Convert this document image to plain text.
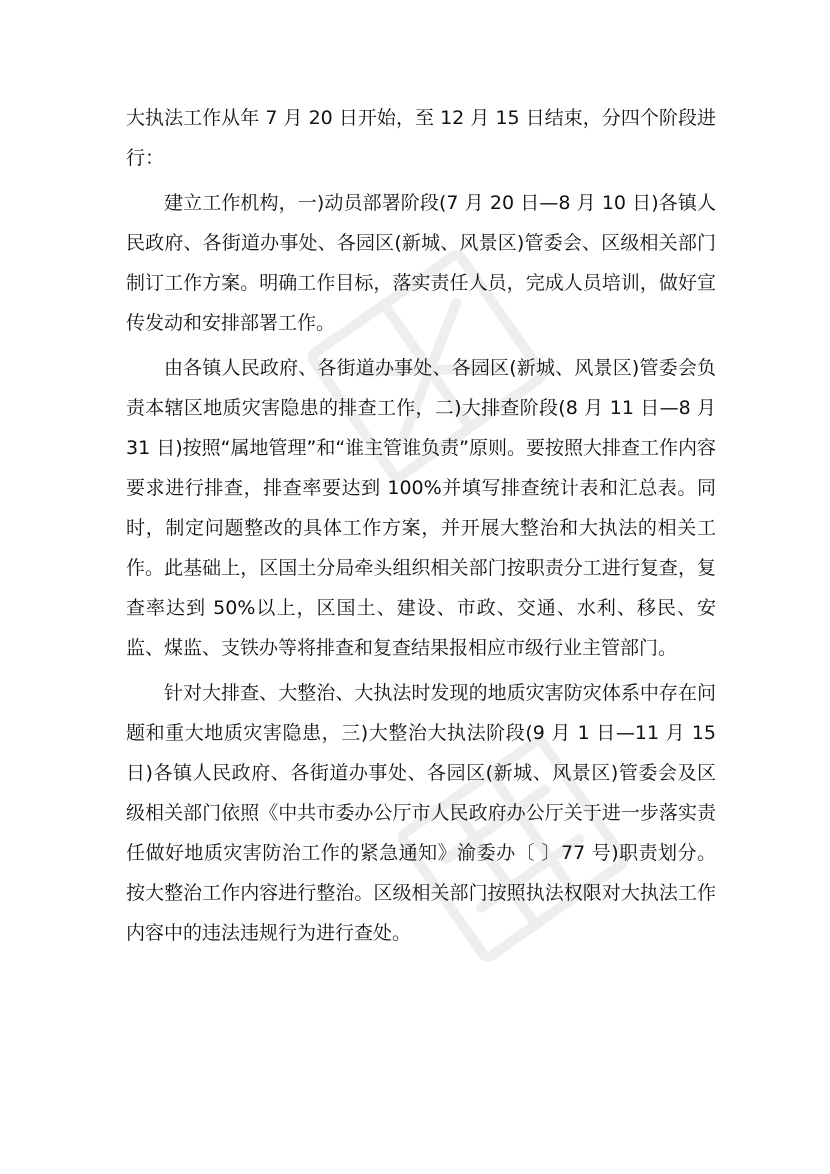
大执法工作从年 7 月 20 日开始，至 12 月 15 日结束，分四个阶段进行：

建立工作机构，一)动员部署阶段(7 月 20 日—8 月 10 日)各镇人民政府、各街道办事处、各园区(新城、风景区)管委会、区级相关部门制订工作方案。明确工作目标，落实责任人员，完成人员培训，做好宣传发动和安排部署工作。

由各镇人民政府、各街道办事处、各园区(新城、风景区)管委会负责本辖区地质灾害隐患的排查工作，二)大排查阶段(8 月 11 日—8 月 31 日)按照“属地管理”和“谁主管谁负责”原则。要按照大排查工作内容要求进行排查，排查率要达到 100%并填写排查统计表和汇总表。同时，制定问题整改的具体工作方案，并开展大整治和大执法的相关工作。此基础上，区国土分局牵头组织相关部门按职责分工进行复查，复查率达到 50%以上，区国土、建设、市政、交通、水利、移民、安监、煤监、支铁办等将排查和复查结果报相应市级行业主管部门。

针对大排查、大整治、大执法时发现的地质灾害防灾体系中存在问题和重大地质灾害隐患，三)大整治大执法阶段(9 月 1 日—11 月 15 日)各镇人民政府、各街道办事处、各园区(新城、风景区)管委会及区级相关部门依照《中共市委办公厅市人民政府办公厅关于进一步落实责任做好地质灾害防治工作的紧急通知》渝委办〔 〕77 号)职责划分。按大整治工作内容进行整治。区级相关部门按照执法权限对大执法工作内容中的违法违规行为进行查处。
